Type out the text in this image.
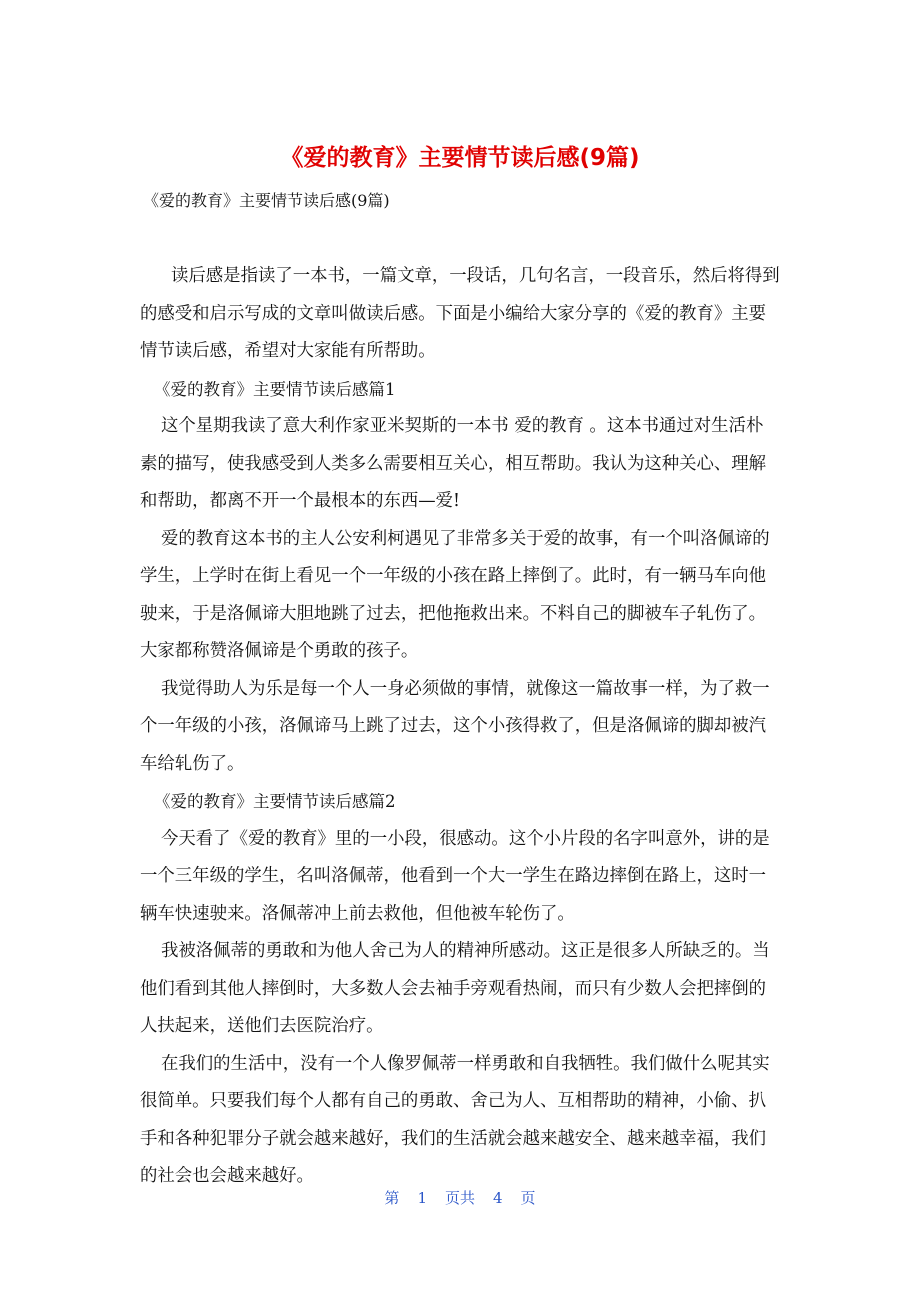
《爱的教育》主要情节读后感(9篇)

《爱的教育》主要情节读后感(9篇)

读后感是指读了一本书，一篇文章，一段话，几句名言，一段音乐，然后将得到的感受和启示写成的文章叫做读后感。下面是小编给大家分享的《爱的教育》主要情节读后感，希望对大家能有所帮助。

《爱的教育》主要情节读后感篇1

这个星期我读了意大利作家亚米契斯的一本书 爱的教育 。这本书通过对生活朴素的描写，使我感受到人类多么需要相互关心，相互帮助。我认为这种关心、理解和帮助，都离不开一个最根本的东西—爱!

爱的教育这本书的主人公安利柯遇见了非常多关于爱的故事，有一个叫洛佩谛的学生，上学时在街上看见一个一年级的小孩在路上摔倒了。此时，有一辆马车向他驶来，于是洛佩谛大胆地跳了过去，把他拖救出来。不料自己的脚被车子轧伤了。大家都称赞洛佩谛是个勇敢的孩子。

我觉得助人为乐是每一个人一身必须做的事情，就像这一篇故事一样，为了救一个一年级的小孩，洛佩谛马上跳了过去，这个小孩得救了，但是洛佩谛的脚却被汽车给轧伤了。

《爱的教育》主要情节读后感篇2

今天看了《爱的教育》里的一小段，很感动。这个小片段的名字叫意外，讲的是一个三年级的学生，名叫洛佩蒂，他看到一个大一学生在路边摔倒在路上，这时一辆车快速驶来。洛佩蒂冲上前去救他，但他被车轮伤了。

我被洛佩蒂的勇敢和为他人舍己为人的精神所感动。这正是很多人所缺乏的。当他们看到其他人摔倒时，大多数人会去袖手旁观看热闹，而只有少数人会把摔倒的人扶起来，送他们去医院治疗。

在我们的生活中，没有一个人像罗佩蒂一样勇敢和自我牺牲。我们做什么呢其实很简单。只要我们每个人都有自己的勇敢、舍己为人、互相帮助的精神，小偷、扒手和各种犯罪分子就会越来越好，我们的生活就会越来越安全、越来越幸福，我们的社会也会越来越好。

第 1 页共 4 页
